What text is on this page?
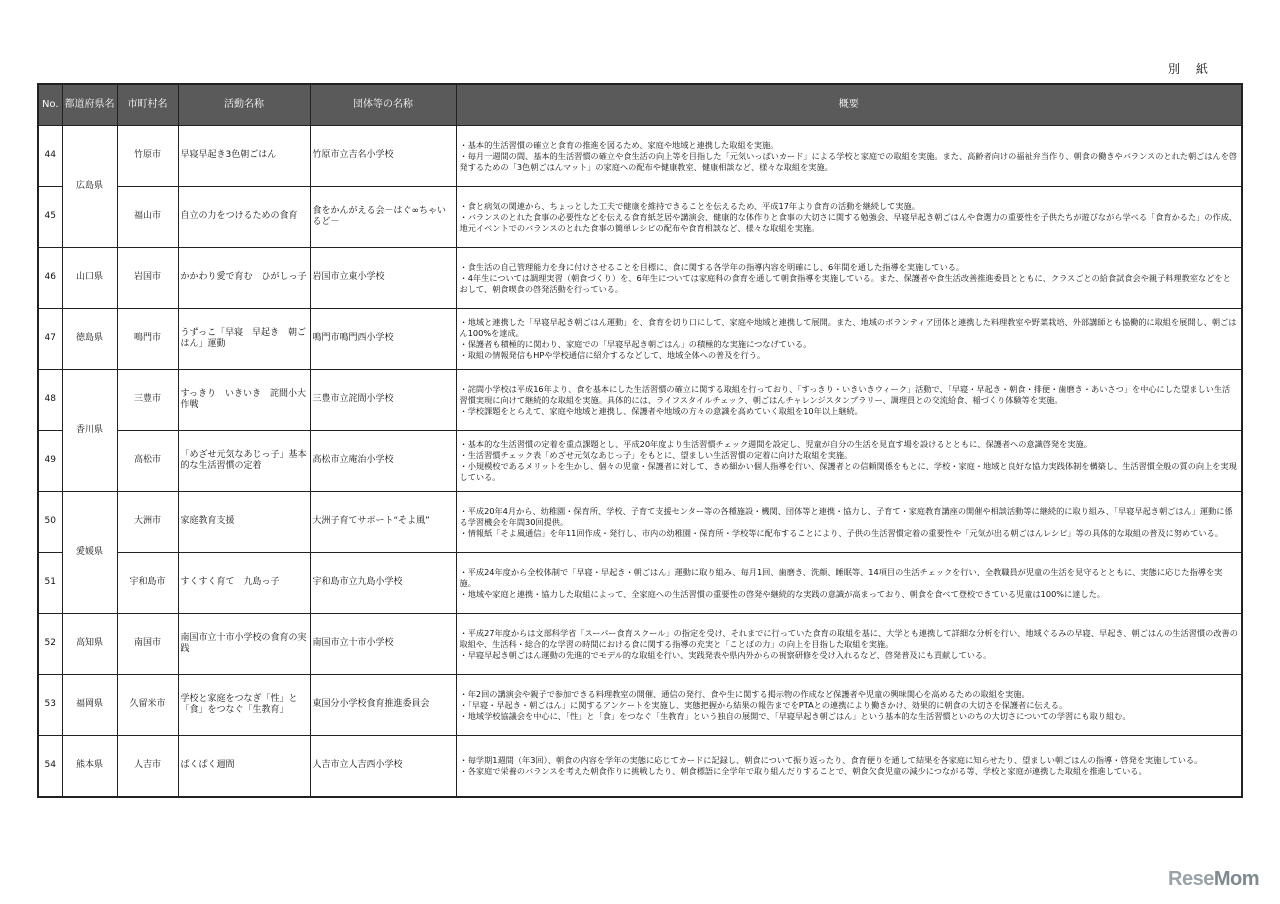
別 紙
No.	都道府県名	市町村名	活動名称	団体等の名称	概要
44	広島県	竹原市	早寝早起き3色朝ごはん	竹原市立吉名小学校	・基本的生活習慣の確立と食育の推進を図るため、家庭や地域と連携した取組を実施。
・毎月一週間の間、基本的生活習慣の確立や食生活の向上等を目指した「元気いっぱいカード」による学校と家庭での取組を実施。また、高齢者向けの福祉弁当作り、朝食の働きやバランスのとれた朝ごはんを啓発するための「3色朝ごはんマット」の家庭への配布や健康教室、健康相談など、様々な取組を実施。

45		福山市	自立の力をつけるための食育	食をかんがえる会－はぐ∞ちゃいるど－	・食と病気の関連から、ちょっとした工夫で健康を維持できることを伝えるため、平成17年より食育の活動を継続して実施。
・バランスのとれた食事の必要性などを伝える食育紙芝居や講演会、健康的な体作りと食事の大切さに関する勉強会、早寝早起き朝ごはんや食選力の重要性を子供たちが遊びながら学べる「食育かるた」の作成、地元イベントでのバランスのとれた食事の簡単レシピの配布や食育相談など、様々な取組を実施。

46	山口県	岩国市	かかわり愛で育む　ひがしっ子	岩国市立東小学校	・食生活の自己管理能力を身に付けさせることを目標に、食に関する各学年の指導内容を明確にし、6年間を通した指導を実施している。
・4年生については調理実習（朝食づくり）を、6年生については家庭科の食育を通して朝食指導を実施している。また、保護者や食生活改善推進委員とともに、クラスごとの給食試食会や親子料理教室などをとおして、朝食喫食の啓発活動を行っている。

47	徳島県	鳴門市	うずっこ「早寝　早起き　朝ごはん」運動	鳴門市鳴門西小学校	・地域と連携した「早寝早起き朝ごはん運動」を、食育を切り口にして、家庭や地域と連携して展開。また、地域のボランティア団体と連携した料理教室や野菜栽培、外部講師とも協働的に取組を展開し、朝ごはん100%を達成。
・保護者も積極的に関わり、家庭での「早寝早起き朝ごはん」の積極的な実施につなげている。
・取組の情報発信もHPや学校通信に紹介するなどして、地域全体への普及を行う。

48	香川県	三豊市	すっきり　いきいき　詫間小大作戦	三豊市立詫間小学校	・詫間小学校は平成16年より、食を基本にした生活習慣の確立に関する取組を行っており、「すっきり・いきいきウィーク」活動で、「早寝・早起き・朝食・排便・歯磨き・あいさつ」を中心にした望ましい生活習慣実現に向けて継続的な取組を実施。具体的には、ライフスタイルチェック、朝ごはんチャレンジスタンプラリー、調理員との交流給食、稲づくり体験等を実施。
・学校課題をとらえて、家庭や地域と連携し、保護者や地域の方々の意識を高めていく取組を10年以上継続。

49		高松市	「めざせ元気なあじっ子」基本的な生活習慣の定着	高松市立庵治小学校	・基本的な生活習慣の定着を重点課題とし、平成20年度より生活習慣チェック週間を設定し、児童が自分の生活を見直す場を設けるとともに、保護者への意識啓発を実施。
・生活習慣チェック表「めざせ元気なあじっ子」をもとに、望ましい生活習慣の定着に向けた取組を実施。
・小規模校であるメリットを生かし、個々の児童・保護者に対して、きめ細かい個人指導を行い、保護者との信頼関係をもとに、学校・家庭・地域と良好な協力実践体制を構築し、生活習慣全般の質の向上を実現している。

50	愛媛県	大洲市	家庭教育支援	大洲子育てサポート“そよ風”	・平成20年4月から、幼稚園・保育所、学校、子育て支援センター等の各種施設・機関、団体等と連携・協力し、子育て・家庭教育講座の開催や相談活動等に継続的に取り組み、「早寝早起き朝ごはん」運動に係る学習機会を年間30回提供。
・情報紙「そよ風通信」を年11回作成・発行し、市内の幼稚園・保育所・学校等に配布することにより、子供の生活習慣定着の重要性や「元気が出る朝ごはんレシピ」等の具体的な取組の普及に努めている。

51		宇和島市	すくすく育て　九島っ子	宇和島市立九島小学校	・平成24年度から全校体制で「早寝・早起き・朝ごはん」運動に取り組み、毎月1回、歯磨き、洗顔、睡眠等、14項目の生活チェックを行い、全教職員が児童の生活を見守るとともに、実態に応じた指導を実施。
・地域や家庭と連携・協力した取組によって、全家庭への生活習慣の重要性の啓発や継続的な実践の意識が高まっており、朝食を食べて登校できている児童は100%に達した。

52	高知県	南国市	南国市立十市小学校の食育の実践	南国市立十市小学校	・平成27年度からは文部科学省「スーパー食育スクール」の指定を受け、それまでに行っていた食育の取組を基に、大学とも連携して詳細な分析を行い、地域ぐるみの早寝、早起き、朝ごはんの生活習慣の改善の取組や、生活科・総合的な学習の時間における食に関する指導の充実と「ことばの力」の向上を目指した取組を実施。
・早寝早起き朝ごはん運動の先進的でモデル的な取組を行い、実践発表や県内外からの視察研修を受け入れるなど、啓発普及にも貢献している。

53	福岡県	久留米市	学校と家庭をつなぎ「性」と「食」をつなぐ「生教育」	東国分小学校食育推進委員会	・年2回の講演会や親子で参加できる料理教室の開催、通信の発行、食や生に関する掲示物の作成など保護者や児童の興味関心を高めるための取組を実施。
・「早寝・早起き・朝ごはん」に関するアンケートを実施し、実態把握から結果の報告までをPTAとの連携により働きかけ、効果的に朝食の大切さを保護者に伝える。
・地域学校協議会を中心に、「性」と「食」をつなぐ「生教育」という独自の展開で、「早寝早起き朝ごはん」という基本的な生活習慣といのちの大切さについての学習にも取り組む。

54	熊本県	人吉市	ぱくぱく週間	人吉市立人吉西小学校	・毎学期1週間（年3回）、朝食の内容を学年の実態に応じてカードに記録し、朝食について振り返ったり、食育便りを通して結果を各家庭に知らせたり、望ましい朝ごはんの指導・啓発を実施している。
・各家庭で栄養のバランスを考えた朝食作りに挑戦したり、朝食標語に全学年で取り組んだりすることで、朝食欠食児童の減少につながる等、学校と家庭が連携した取組を推進している。
ReseMom
